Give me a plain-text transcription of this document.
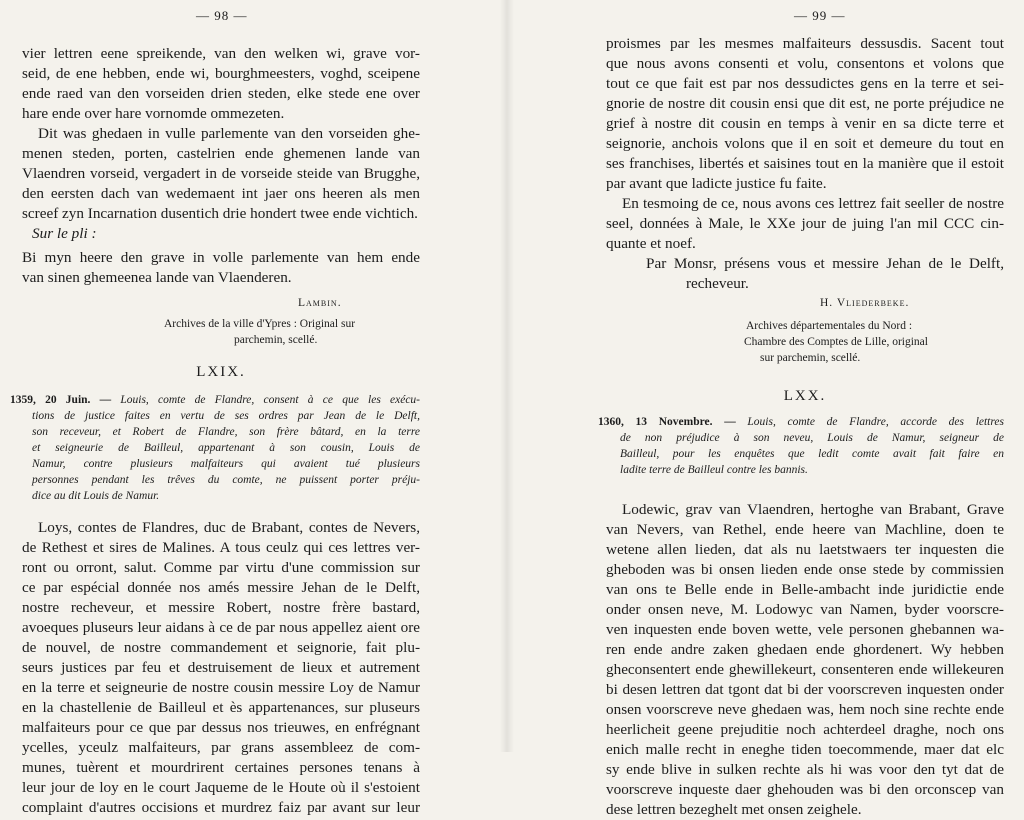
— 98 —
vier lettren eene spreikende, van den welken wi, grave vor-
seid, de ene hebben, ende wi, bourghmeesters, voghd, sceipene
ende raed van den vorseiden drien steden, elke stede ene over
hare ende over hare vornomde ommezeten.
Dit was ghedaen in vulle parlemente van den vorseiden ghe-
menen steden, porten, castelrien ende ghemenen lande van
Vlaendren vorseid, vergadert in de vorseide steide van Brugghe,
den eersten dach van wedemaent int jaer ons heeren als men
screef zyn Incarnation dusentich drie hondert twee ende vichtich.
Sur le pli :
Bi myn heere den grave in volle parlemente van hem ende
van sinen ghemeenea lande van Vlaenderen.
Lambin.
Archives de la ville d'Ypres : Original sur
parchemin, scellé.
LXIX.
1359, 20 Juin. — Louis, comte de Flandre, consent à ce que les exécu-
tions de justice faites en vertu de ses ordres par Jean de le Delft,
son receveur, et Robert de Flandre, son frère bâtard, en la terre
et seigneurie de Bailleul, appartenant à son cousin, Louis de
Namur, contre plusieurs malfaiteurs qui avaient tué plusieurs
personnes pendant les trêves du comte, ne puissent porter préju-
dice au dit Louis de Namur.
Loys, contes de Flandres, duc de Brabant, contes de Nevers,
de Rethest et sires de Malines. A tous ceulz qui ces lettres ver-
ront ou orront, salut. Comme par virtu d'une commission sur
ce par espécial donnée nos amés messire Jehan de le Delft,
nostre recheveur, et messire Robert, nostre frère bastard,
avoeques pluseurs leur aidans à ce de par nous appellez aient ore
de nouvel, de nostre commandement et seignorie, fait plu-
seurs justices par feu et destruisement de lieux et autrement
en la terre et seigneurie de nostre cousin messire Loy de Namur
en la chastellenie de Bailleul et ès appartenances, sur pluseurs
malfaiteurs pour ce que par dessus nos trieuwes, en enfrégnant
ycelles, yceulz malfaiteurs, par grans assembleez de com-
munes, tuèrent et mourdrirent certaines persones tenans à
leur jour de loy en le court Jaqueme de le Houte où il s'estoient
complaint d'autres occisions et murdrez faiz par avant sur leur
— 99 —
proismes par les mesmes malfaiteurs dessusdis. Sacent tout
que nous avons consenti et volu, consentons et volons que
tout ce que fait est par nos dessudictes gens en la terre et sei-
gnorie de nostre dit cousin ensi que dit est, ne porte préjudice ne
grief à nostre dit cousin en temps à venir en sa dicte terre et
seignorie, anchois volons que il en soit et demeure du tout en
ses franchises, libertés et saisines tout en la manière que il estoit
par avant que ladicte justice fu faite.
En tesmoing de ce, nous avons ces lettrez fait seeller de nostre
seel, données à Male, le XXe jour de juing l'an mil CCC cin-
quante et noef.
Par Monsr, présens vous et messire Jehan de le Delft,
recheveur.
H. Vliederbeke.
Archives départementales du Nord :
Chambre des Comptes de Lille, original
sur parchemin, scellé.
LXX.
1360, 13 Novembre. — Louis, comte de Flandre, accorde des lettres
de non préjudice à son neveu, Louis de Namur, seigneur de
Bailleul, pour les enquêtes que ledit comte avait fait faire en
ladite terre de Bailleul contre les bannis.
Lodewic, grav van Vlaendren, hertoghe van Brabant, Grave
van Nevers, van Rethel, ende heere van Machline, doen te
wetene allen lieden, dat als nu laetstwaers ter inquesten die
gheboden was bi onsen lieden ende onse stede by commissien
van ons te Belle ende in Belle-ambacht inde juridictie ende
onder onsen neve, M. Lodowyc van Namen, byder voorscre-
ven inquesten ende boven wette, vele personen ghebannen wa-
ren ende andre zaken ghedaen ende ghordenert. Wy hebben
gheconsentert ende ghewillekeurt, consenteren ende willekeuren
bi desen lettren dat tgont dat bi der voorscreven inquesten onder
onsen voorscreve neve ghedaen was, hem noch sine rechte ende
heerlicheit geene prejuditie noch achterdeel draghe, noch ons
enich malle recht in eneghe tiden toecommende, maer dat elc
sy ende blive in sulken rechte als hi was voor den tyt dat de
voorscreve inqueste daer ghehouden was bi den orconscep van
dese lettren bezeghelt met onsen zeighele.
